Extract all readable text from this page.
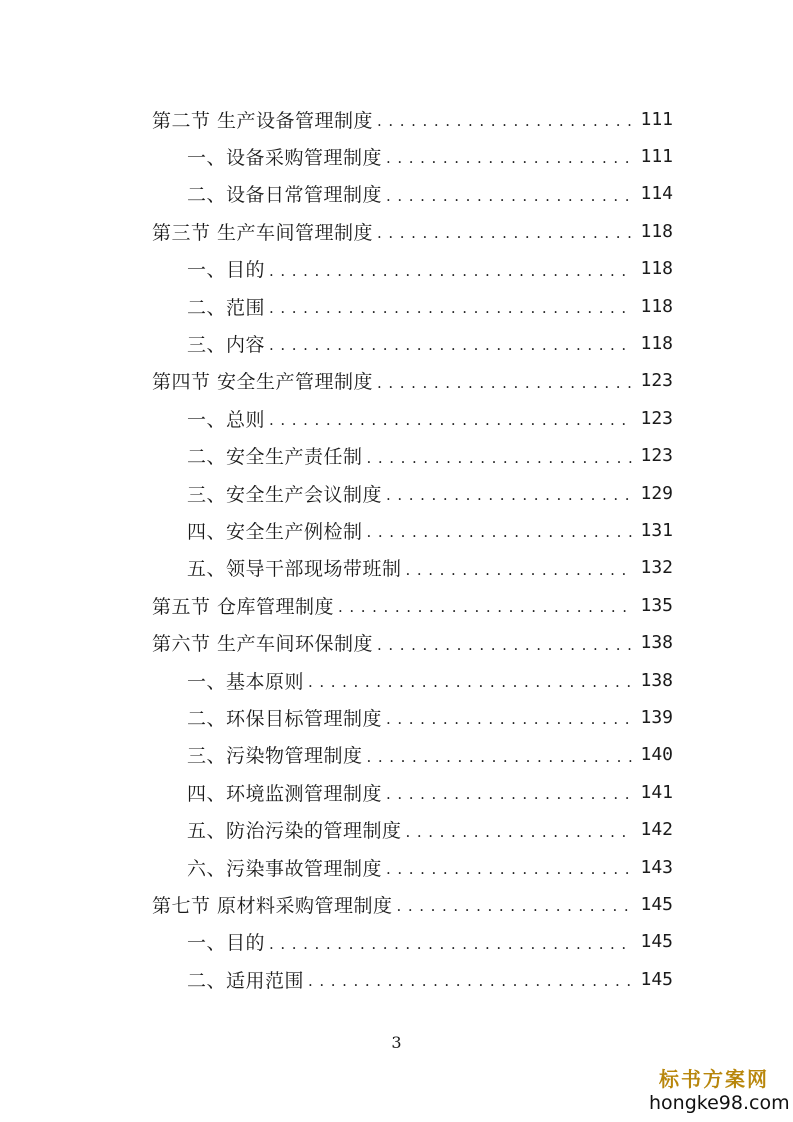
第二节 生产设备管理制度 .....	111
一、设备采购管理制度 .....	111
二、设备日常管理制度 .....	114
第三节 生产车间管理制度 .....	118
一、目的 .....	118
二、范围 .....	118
三、内容 .....	118
第四节 安全生产管理制度 .....	123
一、总则 .....	123
二、安全生产责任制 .....	123
三、安全生产会议制度 .....	129
四、安全生产例检制 .....	131
五、领导干部现场带班制 .....	132
第五节 仓库管理制度 .....	135
第六节 生产车间环保制度 .....	138
一、基本原则 .....	138
二、环保目标管理制度 .....	139
三、污染物管理制度 .....	140
四、环境监测管理制度 .....	141
五、防治污染的管理制度 .....	142
六、污染事故管理制度 .....	143
第七节 原材料采购管理制度 .....	145
一、目的 .....	145
二、适用范围 .....	145
3
标书方案网
hongke98.com
